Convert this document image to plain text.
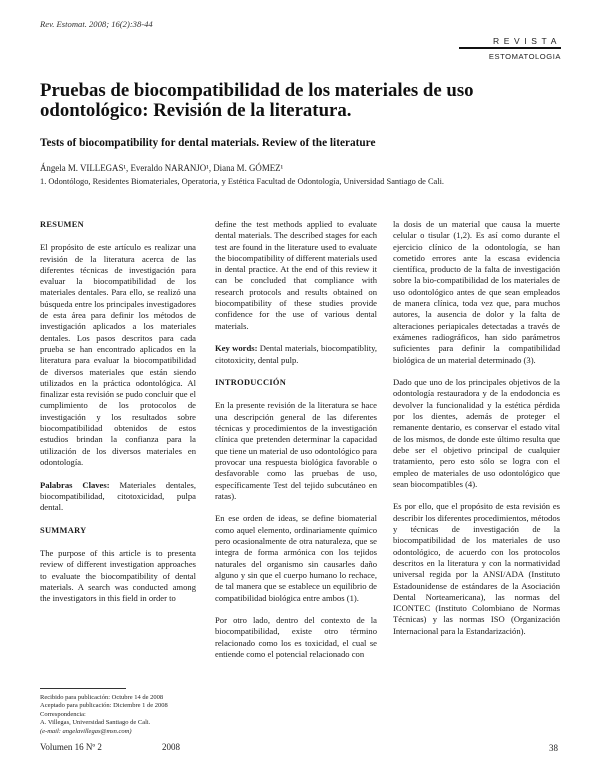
Rev. Estomat. 2008; 16(2):38-44
REVISTA
ESTOMATOLOGIA
Pruebas de biocompatibilidad de los materiales de uso odontológico: Revisión de la literatura.
Tests of biocompatibility for dental materials. Review of the literature
Ángela M. VILLEGAS¹, Everaldo NARANJO¹, Diana M. GÓMEZ¹
1. Odontólogo, Residentes Biomateriales, Operatoria, y Estética Facultad de Odontología, Universidad Santiago de Cali.
RESUMEN

El propósito de este artículo es realizar una revisión de la literatura acerca de las diferentes técnicas de investigación para evaluar la biocompatibilidad de los materiales dentales. Para ello, se realizó una búsqueda entre los principales investigadores de esta área para definir los métodos de investigación aplicados a los materiales dentales. Los pasos descritos para cada prueba se han encontrado aplicados en la literatura para evaluar la biocompatibilidad de diversos materiales que están siendo utilizados en la práctica odontológica. Al finalizar esta revisión se pudo concluir que el cumplimiento de los protocolos de investigación y los resultados sobre biocompatibilidad obtenidos de estos estudios brindan la confianza para la utilización de los diversos materiales en odontología.

Palabras Claves: Materiales dentales, biocompatibilidad, citotoxicidad, pulpa dental.

SUMMARY

The purpose of this article is to presenta review of different investigation approaches to evaluate the biocompatibility of dental materials. A search was conducted among the investigators in this field in order to

define the test methods applied to evaluate dental materials. The described stages for each test are found in the literature used to evaluate the biocompatibility of different materials used in dental practice. At the end of this review it can be concluded that compliance with research protocols and results obtained on biocompatibility of these studies provide confidence for the use of various dental materials.

Key words: Dental materials, biocompatiblity, citotoxicity, dental pulp.

INTRODUCCIÓN

En la presente revisión de la literatura se hace una descripción general de las diferentes técnicas y procedimientos de la investigación clínica que pretenden determinar la capacidad que tiene un material de uso odontológico para provocar una respuesta biológica favorable o desfavorable como las pruebas de uso, específicamente Test del tejido subcutáneo en ratas).

En ese orden de ideas, se define biomaterial como aquel elemento, ordinariamente químico pero ocasionalmente de otra naturaleza, que se integra de forma armónica con los tejidos naturales del organismo sin causarles daño alguno y sin que el cuerpo humano lo rechace, de tal manera que se establece un equilibrio de compatibilidad biológica entre ambos (1).

Por otro lado, dentro del contexto de la biocompatibilidad, existe otro término relacionado como los es toxicidad, el cual se entiende como el potencial relacionado con

la dosis de un material que causa la muerte celular o tisular (1,2). Es así como durante el ejercicio clínico de la odontología, se han cometido errores ante la escasa evidencia científica, producto de la falta de investigación sobre la bio-compatibilidad de los materiales de uso odontológico antes de que sean empleados de manera clínica, toda vez que, para muchos autores, la ausencia de dolor y la falta de alteraciones periapicales detectadas a través de exámenes radiográficos, han sido parámetros suficientes para definir la compatibilidad biológica de un material determinado (3).

Dado que uno de los principales objetivos de la odontología restauradora y de la endodoncia es devolver la funcionalidad y la estética pérdida por los dientes, además de proteger el remanente dentario, es conservar el estado vital de los mismos, de donde este último resulta que debe ser el objetivo principal de cualquier tratamiento, pero esto sólo se logra con el empleo de materiales de uso odontológico que sean biocompatibles (4).

Es por ello, que el propósito de esta revisión es describir los diferentes procedimientos, métodos y técnicas de investigación de la biocompatibilidad de los materiales de uso odontológico, de acuerdo con los protocolos descritos en la literatura y con la normatividad universal regida por la ANSI/ADA (Instituto Estadounidense de estándares de la Asociación Dental Norteamericana), las normas del ICONTEC (Instituto Colombiano de Normas Técnicas) y las normas ISO (Organización Internacional para la Estandarización).

Recibido para publicación: Octubre 14 de 2008
Aceptado para publicación: Diciembre 1 de 2008
Correspondencia:
A. Villegas, Universidad Santiago de Cali.
(e-mail: angelavillegas@msn.com)
Volumen 16 Nº 2	2008	38
